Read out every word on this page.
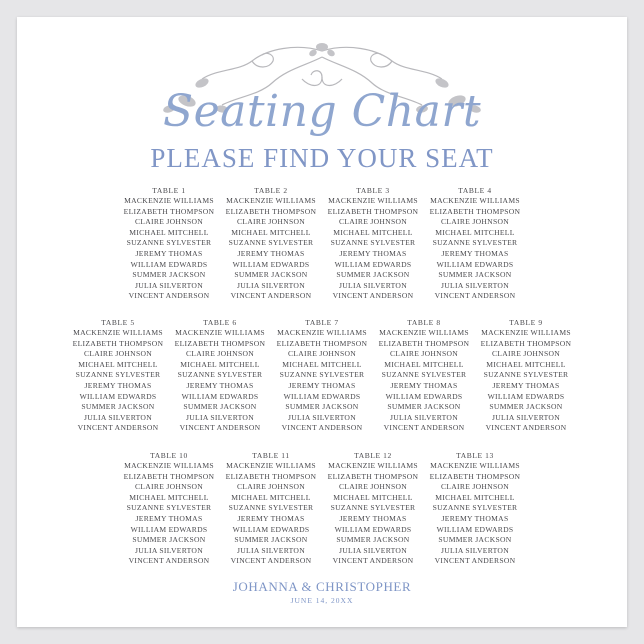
Seating Chart
PLEASE FIND YOUR SEAT
TABLE 1
MACKENZIE WILLIAMS
ELIZABETH THOMPSON
CLAIRE JOHNSON
MICHAEL MITCHELL
SUZANNE SYLVESTER
JEREMY THOMAS
WILLIAM EDWARDS
SUMMER JACKSON
JULIA SILVERTON
VINCENT ANDERSON
TABLE 2
MACKENZIE WILLIAMS
ELIZABETH THOMPSON
CLAIRE JOHNSON
MICHAEL MITCHELL
SUZANNE SYLVESTER
JEREMY THOMAS
WILLIAM EDWARDS
SUMMER JACKSON
JULIA SILVERTON
VINCENT ANDERSON
TABLE 3
MACKENZIE WILLIAMS
ELIZABETH THOMPSON
CLAIRE JOHNSON
MICHAEL MITCHELL
SUZANNE SYLVESTER
JEREMY THOMAS
WILLIAM EDWARDS
SUMMER JACKSON
JULIA SILVERTON
VINCENT ANDERSON
TABLE 4
MACKENZIE WILLIAMS
ELIZABETH THOMPSON
CLAIRE JOHNSON
MICHAEL MITCHELL
SUZANNE SYLVESTER
JEREMY THOMAS
WILLIAM EDWARDS
SUMMER JACKSON
JULIA SILVERTON
VINCENT ANDERSON
TABLE 5
MACKENZIE WILLIAMS
ELIZABETH THOMPSON
CLAIRE JOHNSON
MICHAEL MITCHELL
SUZANNE SYLVESTER
JEREMY THOMAS
WILLIAM EDWARDS
SUMMER JACKSON
JULIA SILVERTON
VINCENT ANDERSON
TABLE 6
MACKENZIE WILLIAMS
ELIZABETH THOMPSON
CLAIRE JOHNSON
MICHAEL MITCHELL
SUZANNE SYLVESTER
JEREMY THOMAS
WILLIAM EDWARDS
SUMMER JACKSON
JULIA SILVERTON
VINCENT ANDERSON
TABLE 7
MACKENZIE WILLIAMS
ELIZABETH THOMPSON
CLAIRE JOHNSON
MICHAEL MITCHELL
SUZANNE SYLVESTER
JEREMY THOMAS
WILLIAM EDWARDS
SUMMER JACKSON
JULIA SILVERTON
VINCENT ANDERSON
TABLE 8
MACKENZIE WILLIAMS
ELIZABETH THOMPSON
CLAIRE JOHNSON
MICHAEL MITCHELL
SUZANNE SYLVESTER
JEREMY THOMAS
WILLIAM EDWARDS
SUMMER JACKSON
JULIA SILVERTON
VINCENT ANDERSON
TABLE 9
MACKENZIE WILLIAMS
ELIZABETH THOMPSON
CLAIRE JOHNSON
MICHAEL MITCHELL
SUZANNE SYLVESTER
JEREMY THOMAS
WILLIAM EDWARDS
SUMMER JACKSON
JULIA SILVERTON
VINCENT ANDERSON
TABLE 10
MACKENZIE WILLIAMS
ELIZABETH THOMPSON
CLAIRE JOHNSON
MICHAEL MITCHELL
SUZANNE SYLVESTER
JEREMY THOMAS
WILLIAM EDWARDS
SUMMER JACKSON
JULIA SILVERTON
VINCENT ANDERSON
TABLE 11
MACKENZIE WILLIAMS
ELIZABETH THOMPSON
CLAIRE JOHNSON
MICHAEL MITCHELL
SUZANNE SYLVESTER
JEREMY THOMAS
WILLIAM EDWARDS
SUMMER JACKSON
JULIA SILVERTON
VINCENT ANDERSON
TABLE 12
MACKENZIE WILLIAMS
ELIZABETH THOMPSON
CLAIRE JOHNSON
MICHAEL MITCHELL
SUZANNE SYLVESTER
JEREMY THOMAS
WILLIAM EDWARDS
SUMMER JACKSON
JULIA SILVERTON
VINCENT ANDERSON
TABLE 13
MACKENZIE WILLIAMS
ELIZABETH THOMPSON
CLAIRE JOHNSON
MICHAEL MITCHELL
SUZANNE SYLVESTER
JEREMY THOMAS
WILLIAM EDWARDS
SUMMER JACKSON
JULIA SILVERTON
VINCENT ANDERSON
JOHANNA & CHRISTOPHER
JUNE 14, 20XX
